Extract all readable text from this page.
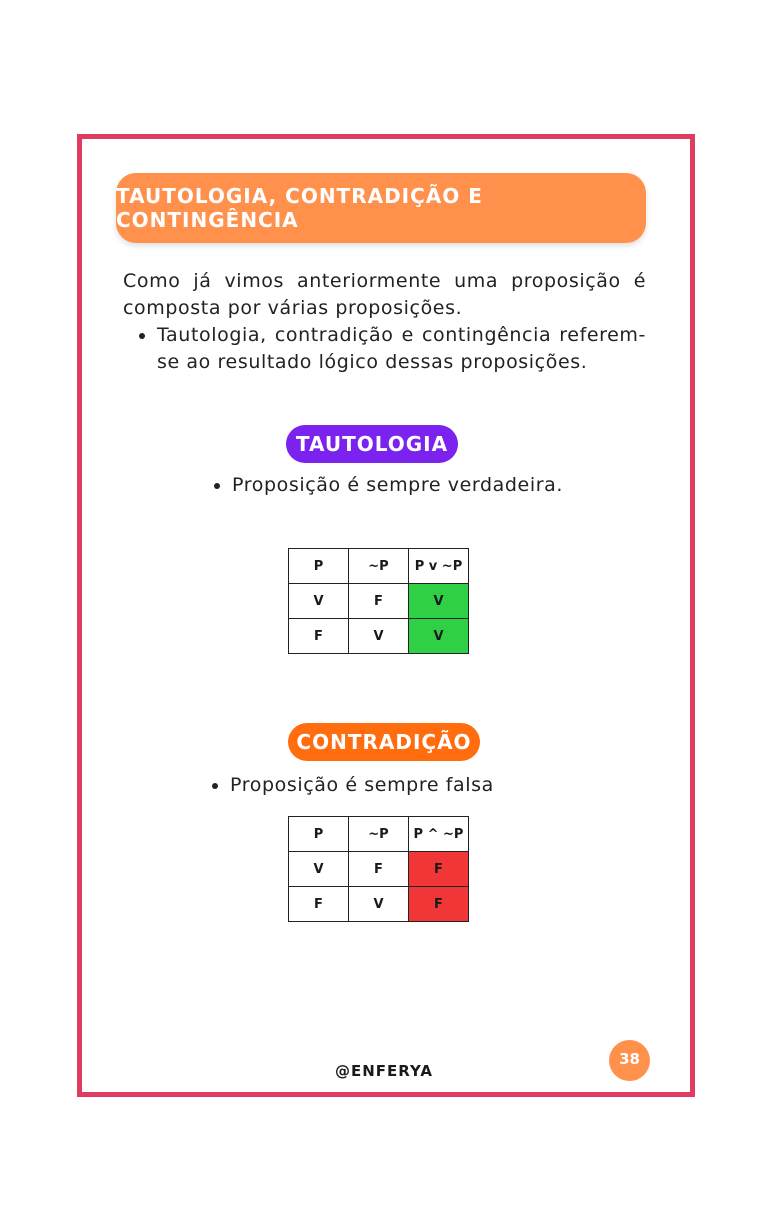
TAUTOLOGIA, CONTRADIÇÃO E CONTINGÊNCIA

Como já vimos anteriormente uma proposição é composta por várias proposições.

• Tautologia, contradição e contingência referem-se ao resultado lógico dessas proposições.
TAUTOLOGIA
• Proposição é sempre verdadeira.
P	~P	P v ~P
V	F	V
F	V	V
CONTRADIÇÃO
• Proposição é sempre falsa
P	~P	P ^ ~P
V	F	F
F	V	F
@ENFERYA
38
